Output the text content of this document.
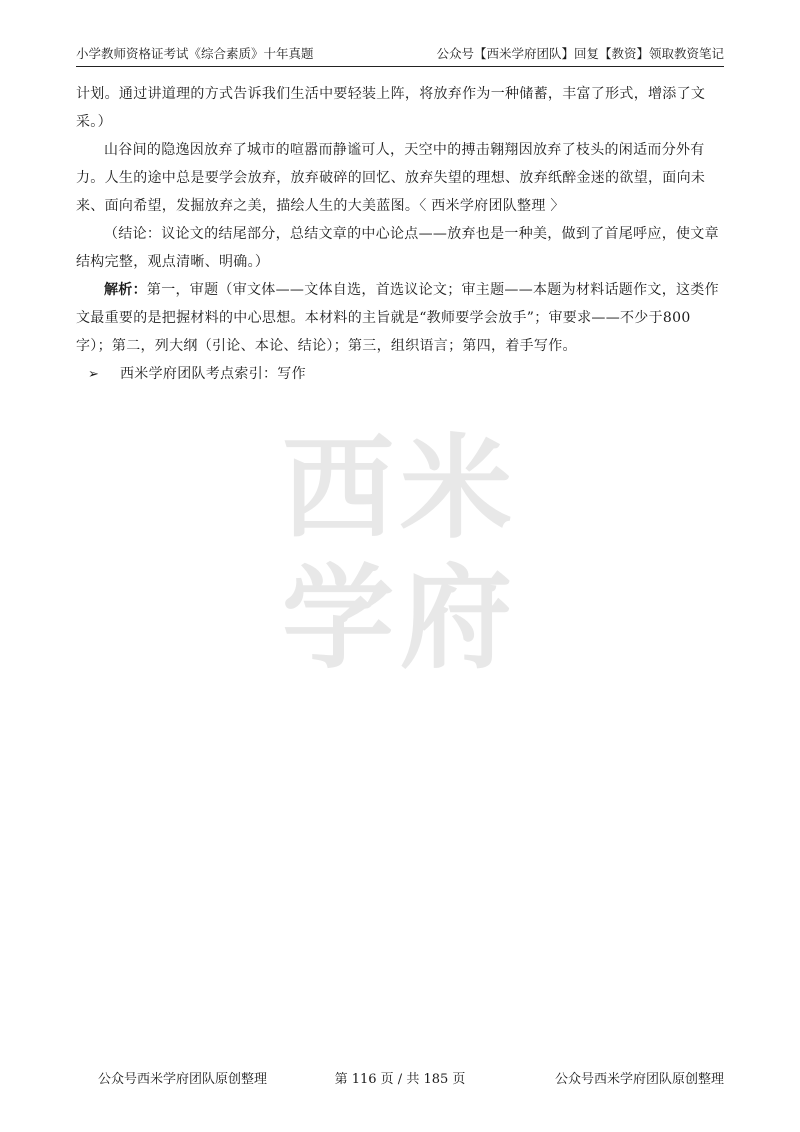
小学教师资格证考试《综合素质》十年真题	公众号【西米学府团队】回复【教资】领取教资笔记
西米
学府

计划。通过讲道理的方式告诉我们生活中要轻装上阵，将放弃作为一种储蓄，丰富了形式，增添了文采。）

山谷间的隐逸因放弃了城市的喧嚣而静谧可人，天空中的搏击翱翔因放弃了枝头的闲适而分外有力。人生的途中总是要学会放弃，放弃破碎的回忆、放弃失望的理想、放弃纸醉金迷的欲望，面向未来、面向希望，发掘放弃之美，描绘人生的大美蓝图。〈 西米学府团队整理 〉

（结论：议论文的结尾部分，总结文章的中心论点——放弃也是一种美，做到了首尾呼应，使文章结构完整，观点清晰、明确。）

解析：第一，审题（审文体——文体自选，首选议论文；审主题——本题为材料话题作文，这类作文最重要的是把握材料的中心思想。本材料的主旨就是“教师要学会放手”；审要求——不少于800字）；第二，列大纲（引论、本论、结论）；第三，组织语言；第四，着手写作。

➢ 西米学府团队考点索引：写作

公众号西米学府团队原创整理	第 116 页 / 共 185 页	公众号西米学府团队原创整理
